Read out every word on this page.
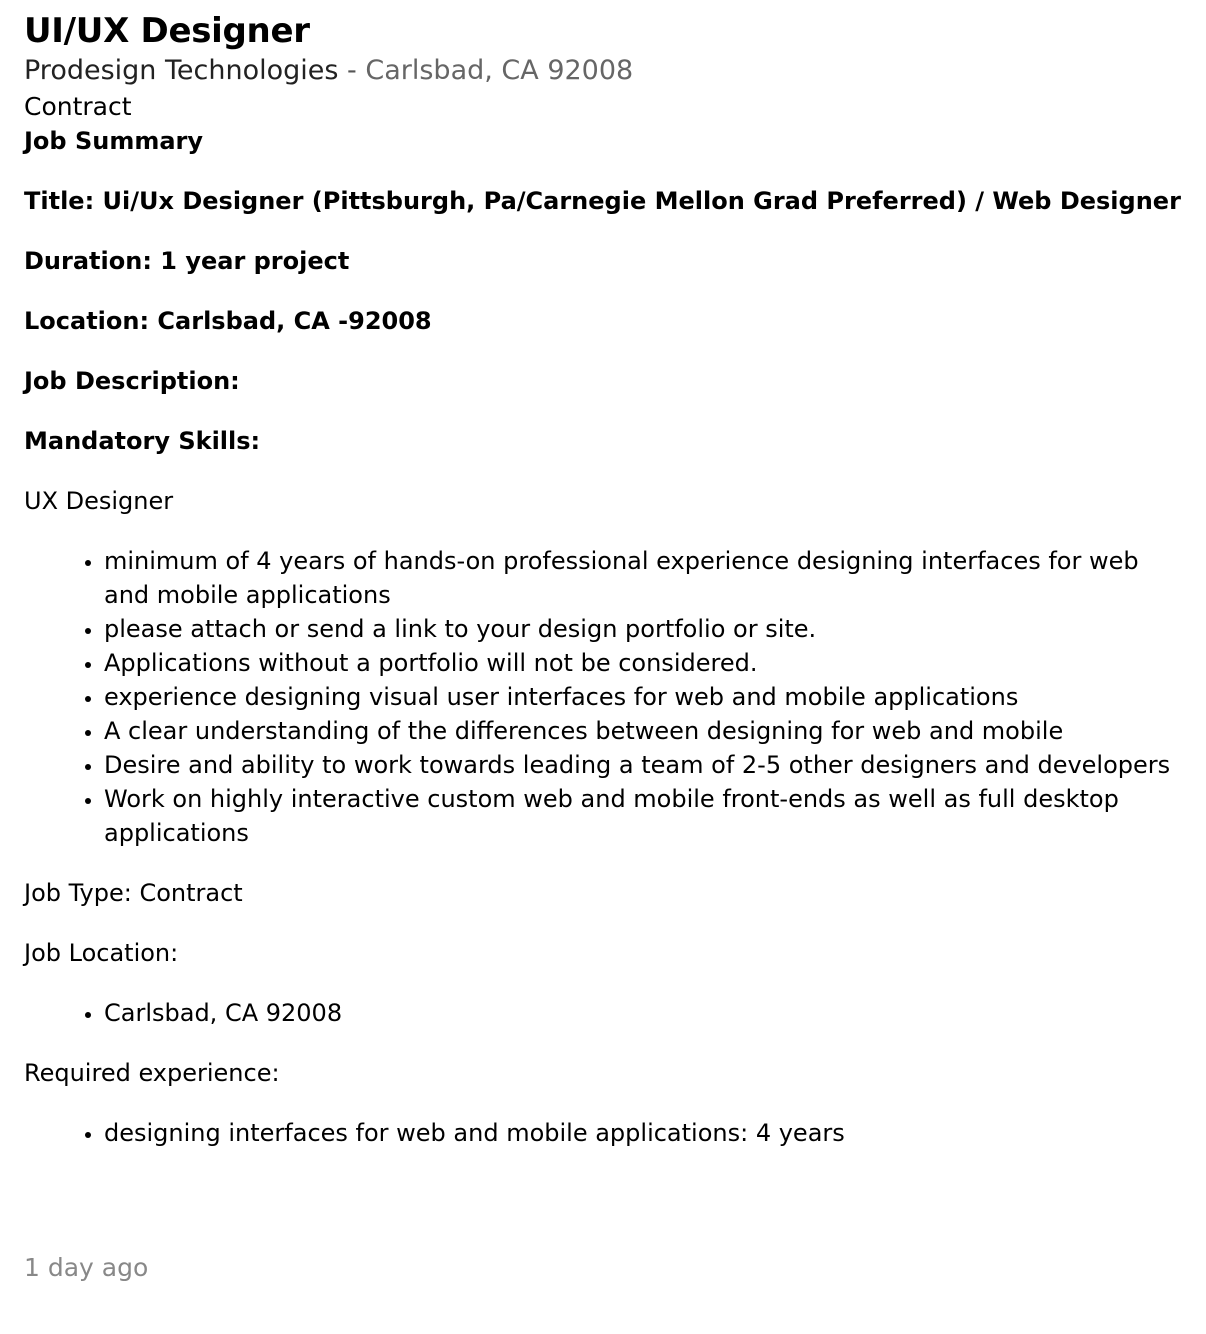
UI/UX Designer
Prodesign Technologies - Carlsbad, CA 92008
Contract

Job Summary

Title: Ui/Ux Designer (Pittsburgh, Pa/Carnegie Mellon Grad Preferred) / Web Designer

Duration: 1 year project

Location: Carlsbad, CA -92008

Job Description:

Mandatory Skills:

UX Designer

• minimum of 4 years of hands-on professional experience designing interfaces for web and mobile applications
• please attach or send a link to your design portfolio or site.
• Applications without a portfolio will not be considered.
• experience designing visual user interfaces for web and mobile applications
• A clear understanding of the differences between designing for web and mobile
• Desire and ability to work towards leading a team of 2-5 other designers and developers
• Work on highly interactive custom web and mobile front-ends as well as full desktop applications

Job Type: Contract

Job Location:

• Carlsbad, CA 92008

Required experience:

• designing interfaces for web and mobile applications: 4 years
1 day ago
